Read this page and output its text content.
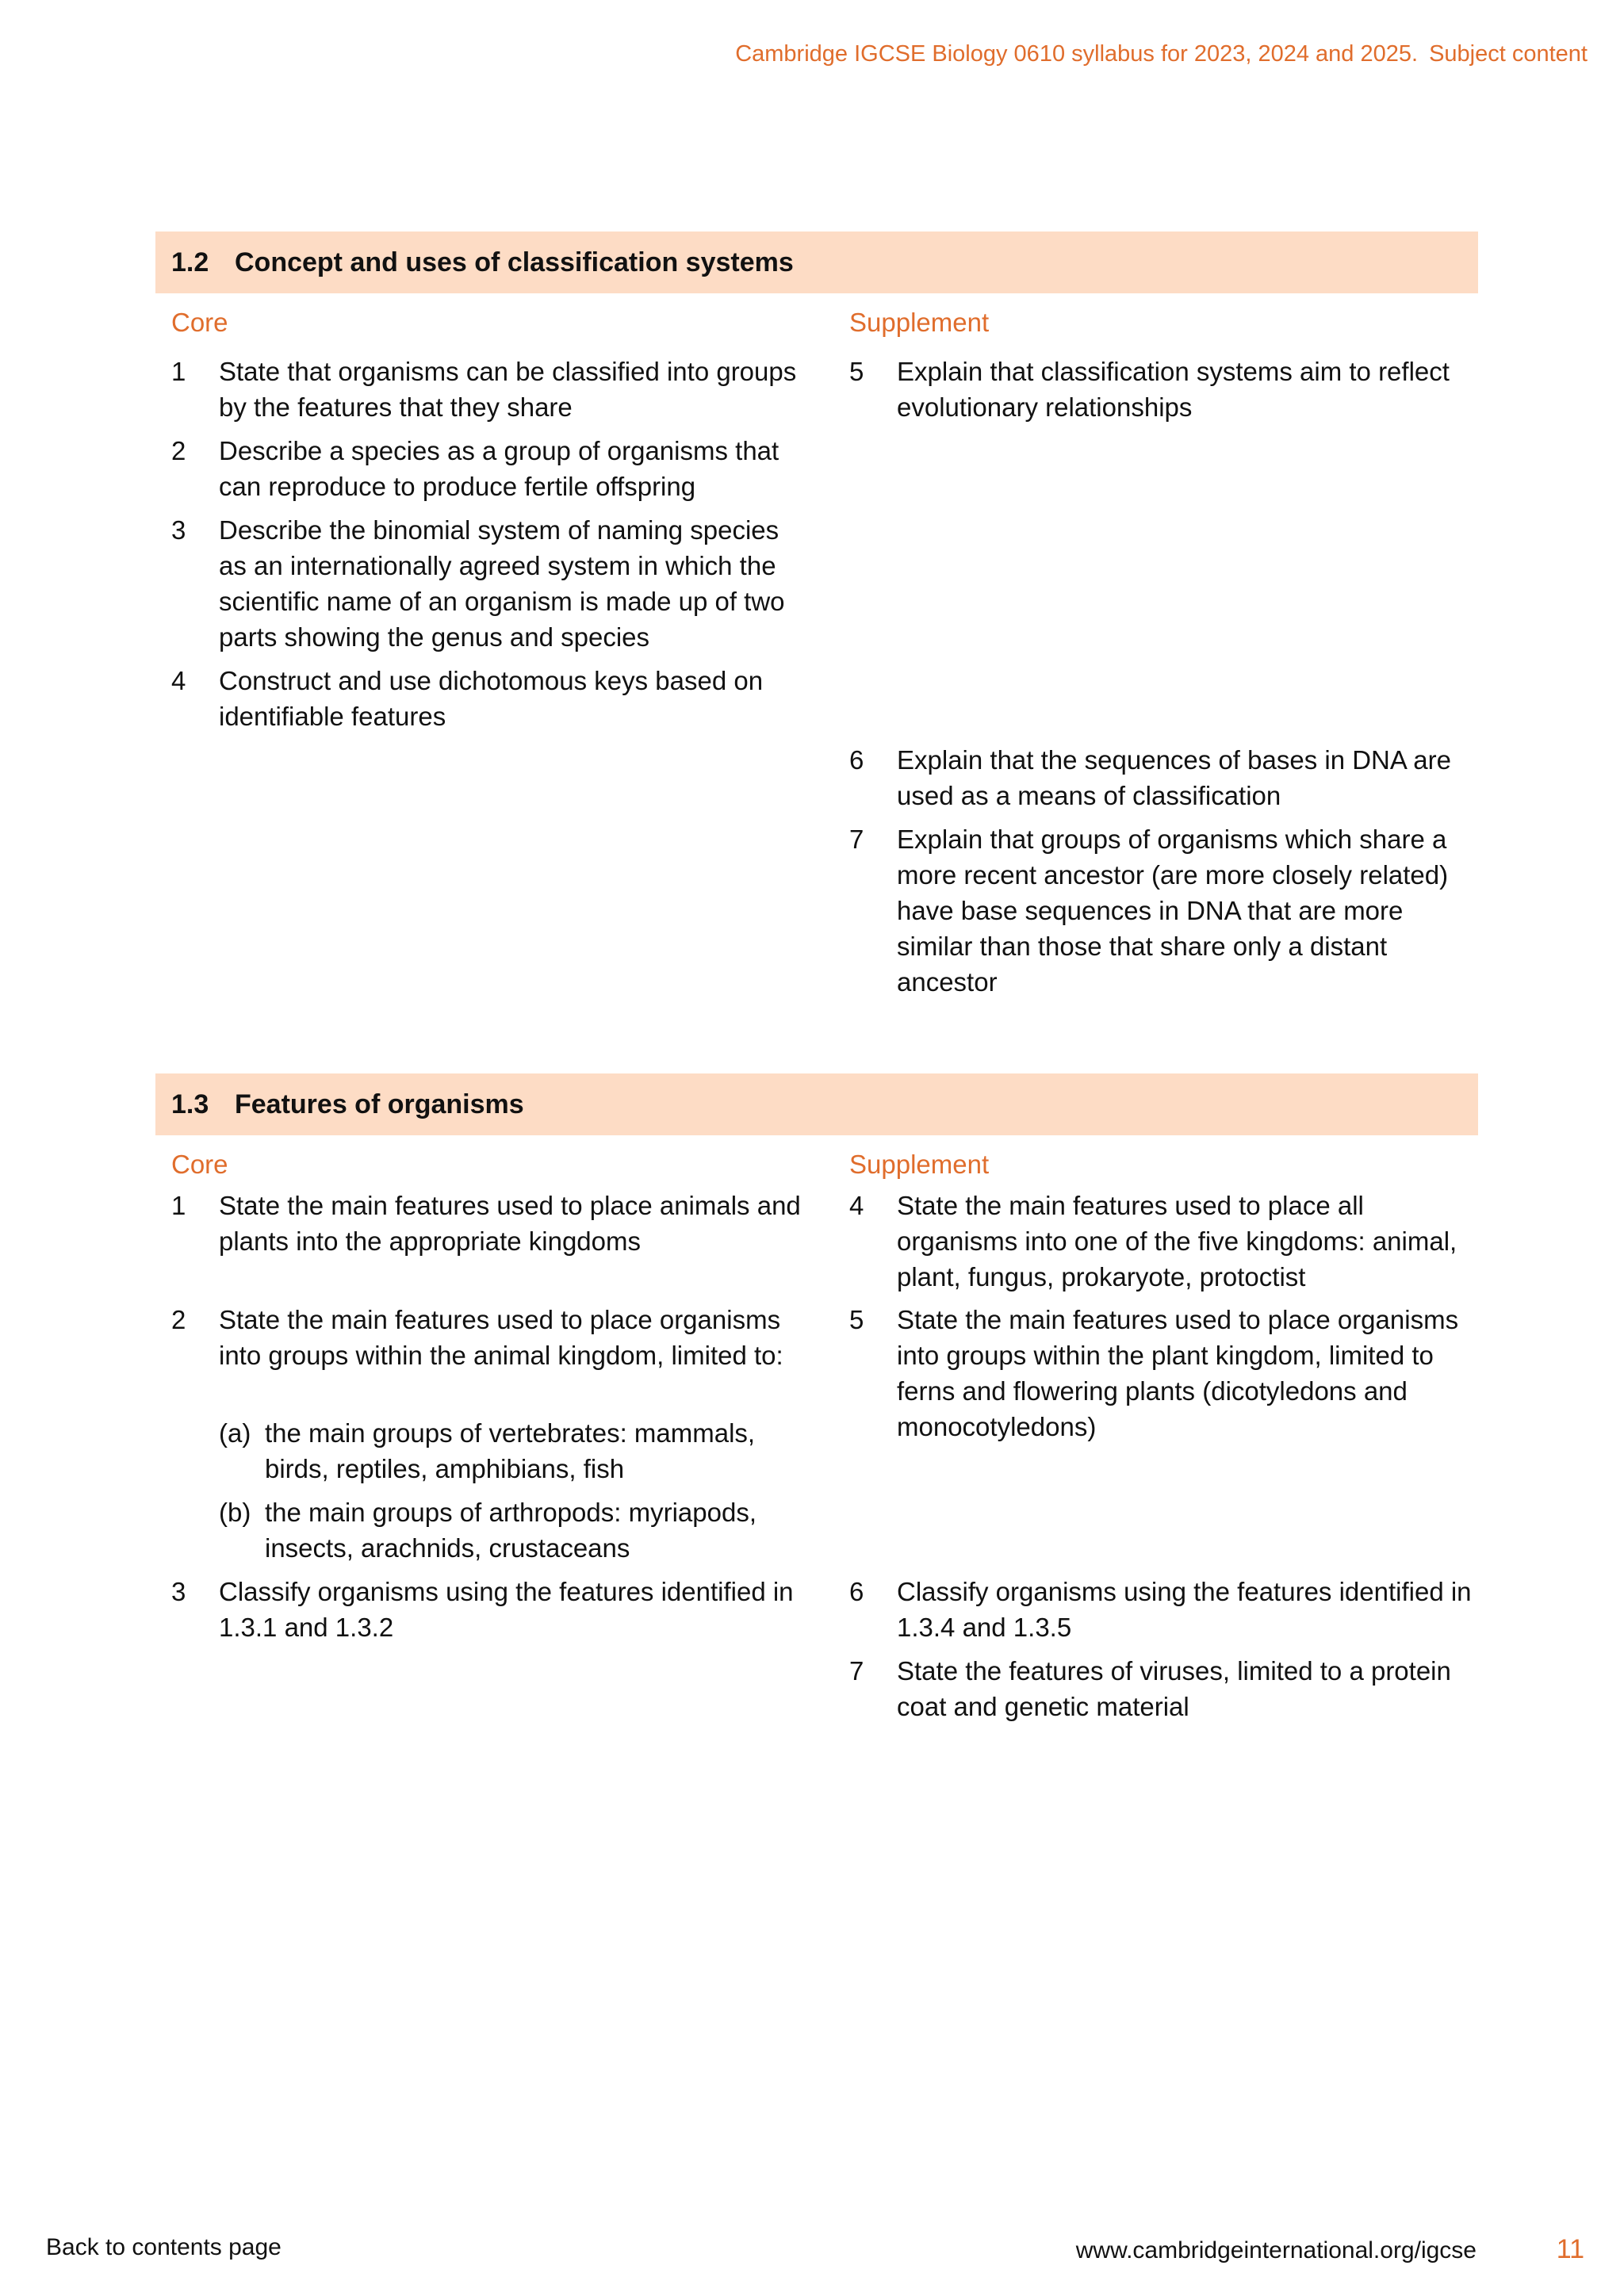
Cambridge IGCSE Biology 0610 syllabus for 2023, 2024 and 2025. Subject content
1.2 Concept and uses of classification systems
Core
1	State that organisms can be classified into groups by the features that they share
2	Describe a species as a group of organisms that can reproduce to produce fertile offspring
3	Describe the binomial system of naming species as an internationally agreed system in which the scientific name of an organism is made up of two parts showing the genus and species
4	Construct and use dichotomous keys based on identifiable features
Supplement
5	Explain that classification systems aim to reflect evolutionary relationships
6	Explain that the sequences of bases in DNA are used as a means of classification
7	Explain that groups of organisms which share a more recent ancestor (are more closely related) have base sequences in DNA that are more similar than those that share only a distant ancestor
1.3 Features of organisms
Core
1	State the main features used to place animals and plants into the appropriate kingdoms
2	State the main features used to place organisms into groups within the animal kingdom, limited to:
(a) the main groups of vertebrates: mammals, birds, reptiles, amphibians, fish
(b) the main groups of arthropods: myriapods, insects, arachnids, crustaceans
3	Classify organisms using the features identified in 1.3.1 and 1.3.2
Supplement
4	State the main features used to place all organisms into one of the five kingdoms: animal, plant, fungus, prokaryote, protoctist
5	State the main features used to place organisms into groups within the plant kingdom, limited to ferns and flowering plants (dicotyledons and monocotyledons)
6	Classify organisms using the features identified in 1.3.4 and 1.3.5
7	State the features of viruses, limited to a protein coat and genetic material
Back to contents page	www.cambridgeinternational.org/igcse	11
